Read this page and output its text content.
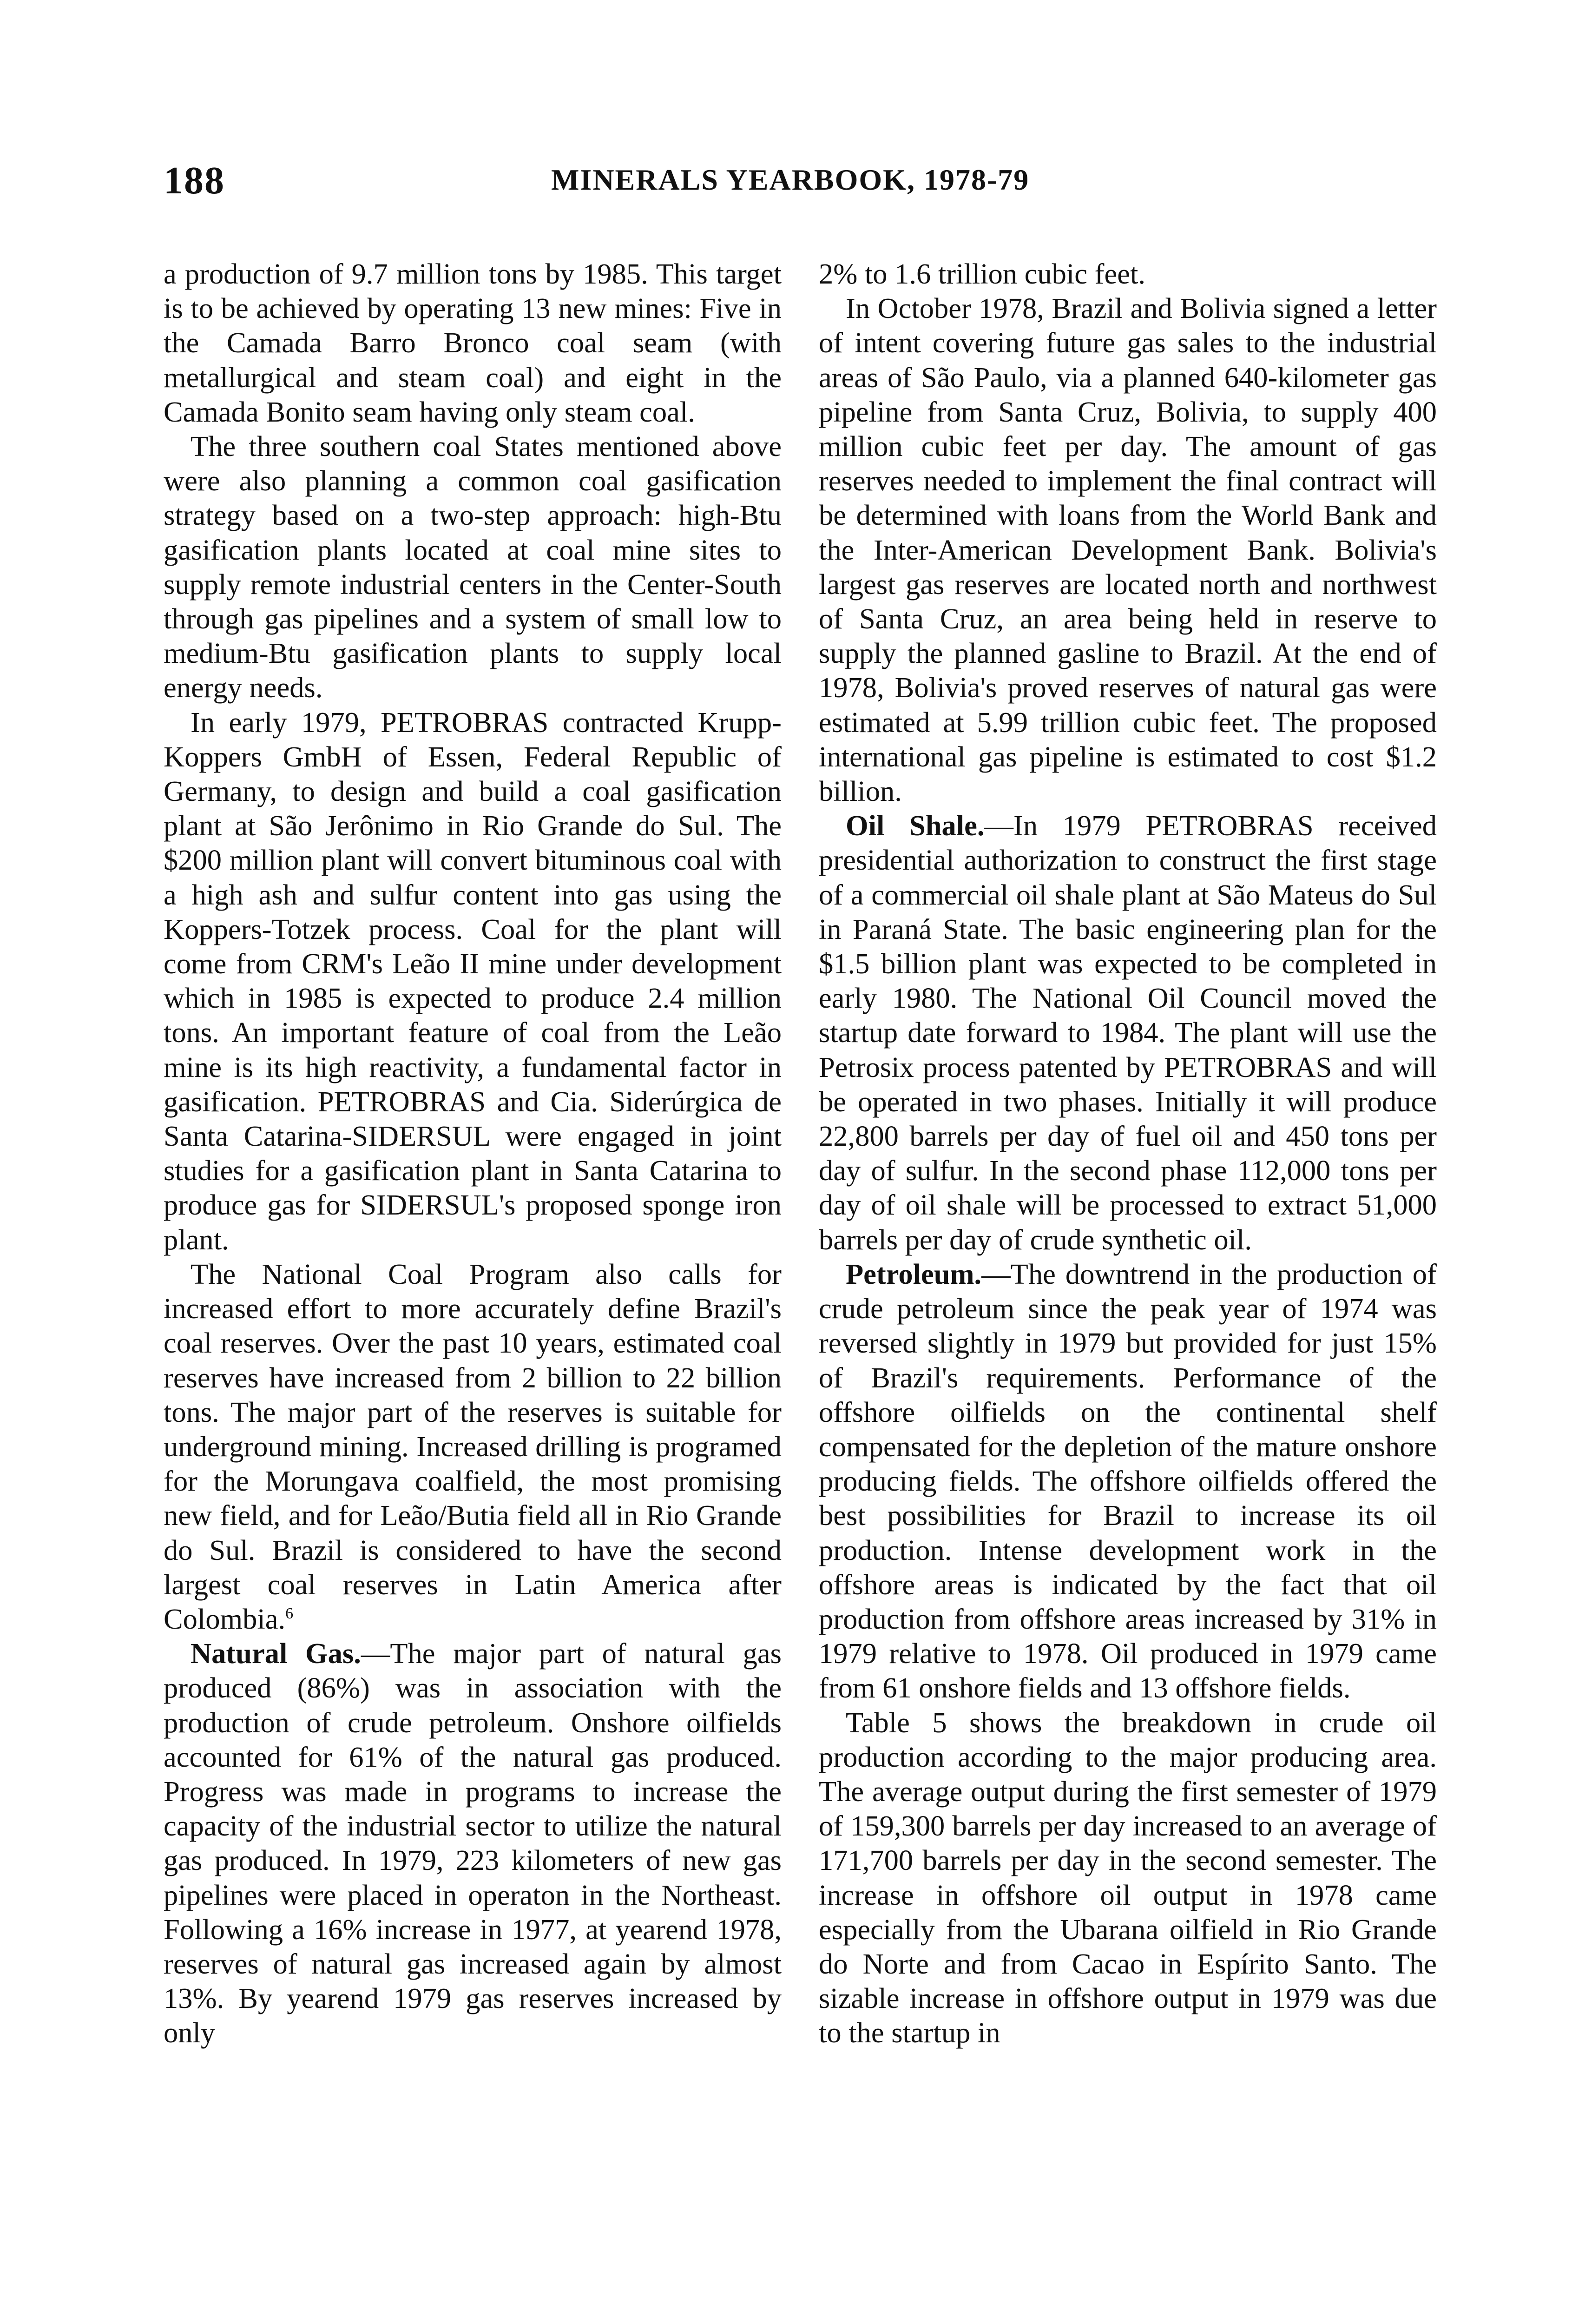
188	MINERALS YEARBOOK, 1978-79

a production of 9.7 million tons by 1985. This target is to be achieved by operating 13 new mines: Five in the Camada Barro Bronco coal seam (with metallurgical and steam coal) and eight in the Camada Bonito seam having only steam coal.

The three southern coal States mentioned above were also planning a common coal gasification strategy based on a two-step approach: high-Btu gasification plants located at coal mine sites to supply remote industrial centers in the Center-South through gas pipelines and a system of small low to medium-Btu gasification plants to supply local energy needs.

In early 1979, PETROBRAS contracted Krupp-Koppers GmbH of Essen, Federal Republic of Germany, to design and build a coal gasification plant at São Jerônimo in Rio Grande do Sul. The $200 million plant will convert bituminous coal with a high ash and sulfur content into gas using the Koppers-Totzek process. Coal for the plant will come from CRM's Leão II mine under development which in 1985 is expected to produce 2.4 million tons. An important feature of coal from the Leão mine is its high reactivity, a fundamental factor in gasification. PETROBRAS and Cia. Siderúrgica de Santa Catarina-SIDERSUL were engaged in joint studies for a gasification plant in Santa Catarina to produce gas for SIDERSUL's proposed sponge iron plant.

The National Coal Program also calls for increased effort to more accurately define Brazil's coal reserves. Over the past 10 years, estimated coal reserves have increased from 2 billion to 22 billion tons. The major part of the reserves is suitable for underground mining. Increased drilling is programed for the Morungava coalfield, the most promising new field, and for Leão/Butia field all in Rio Grande do Sul. Brazil is considered to have the second largest coal reserves in Latin America after Colombia.$^6$

Natural Gas.—The major part of natural gas produced (86%) was in association with the production of crude petroleum. Onshore oilfields accounted for 61% of the natural gas produced. Progress was made in programs to increase the capacity of the industrial sector to utilize the natural gas produced. In 1979, 223 kilometers of new gas pipelines were placed in operaton in the Northeast. Following a 16% increase in 1977, at yearend 1978, reserves of natural gas increased again by almost 13%. By yearend 1979 gas reserves increased by only

2% to 1.6 trillion cubic feet.

In October 1978, Brazil and Bolivia signed a letter of intent covering future gas sales to the industrial areas of São Paulo, via a planned 640-kilometer gas pipeline from Santa Cruz, Bolivia, to supply 400 million cubic feet per day. The amount of gas reserves needed to implement the final contract will be determined with loans from the World Bank and the Inter-American Development Bank. Bolivia's largest gas reserves are located north and northwest of Santa Cruz, an area being held in reserve to supply the planned gasline to Brazil. At the end of 1978, Bolivia's proved reserves of natural gas were estimated at 5.99 trillion cubic feet. The proposed international gas pipeline is estimated to cost $1.2 billion.

Oil Shale.—In 1979 PETROBRAS received presidential authorization to construct the first stage of a commercial oil shale plant at São Mateus do Sul in Paraná State. The basic engineering plan for the $1.5 billion plant was expected to be completed in early 1980. The National Oil Council moved the startup date forward to 1984. The plant will use the Petrosix process patented by PETROBRAS and will be operated in two phases. Initially it will produce 22,800 barrels per day of fuel oil and 450 tons per day of sulfur. In the second phase 112,000 tons per day of oil shale will be processed to extract 51,000 barrels per day of crude synthetic oil.

Petroleum.—The downtrend in the production of crude petroleum since the peak year of 1974 was reversed slightly in 1979 but provided for just 15% of Brazil's requirements. Performance of the offshore oilfields on the continental shelf compensated for the depletion of the mature onshore producing fields. The offshore oilfields offered the best possibilities for Brazil to increase its oil production. Intense development work in the offshore areas is indicated by the fact that oil production from offshore areas increased by 31% in 1979 relative to 1978. Oil produced in 1979 came from 61 onshore fields and 13 offshore fields.

Table 5 shows the breakdown in crude oil production according to the major producing area. The average output during the first semester of 1979 of 159,300 barrels per day increased to an average of 171,700 barrels per day in the second semester. The increase in offshore oil output in 1978 came especially from the Ubarana oilfield in Rio Grande do Norte and from Cacao in Espírito Santo. The sizable increase in offshore output in 1979 was due to the startup in
